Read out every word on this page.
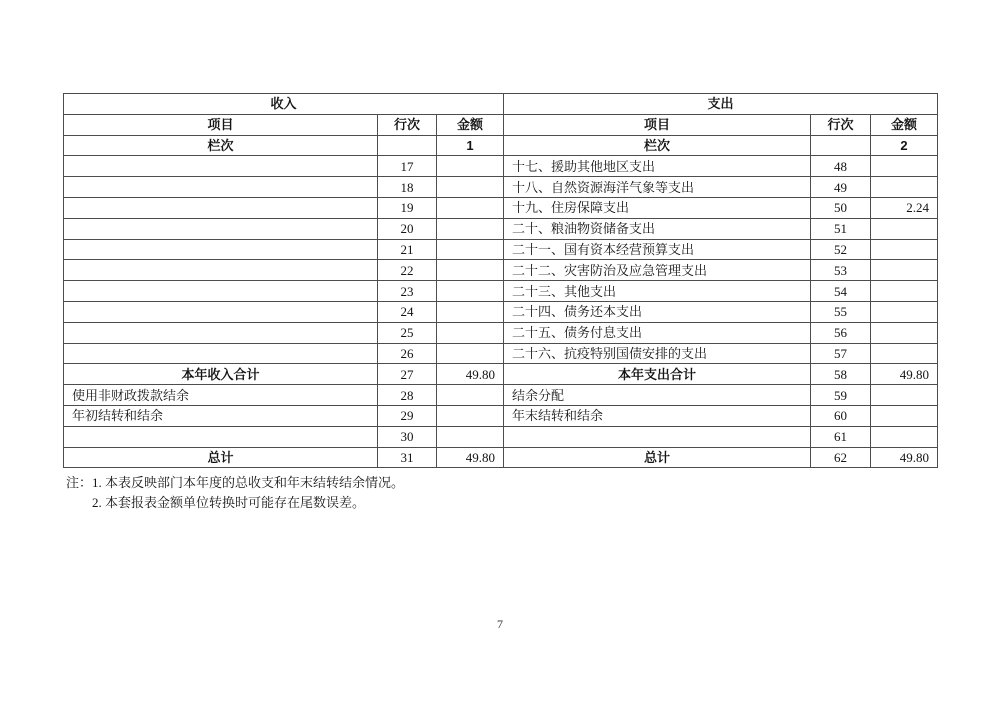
收入			支出		
项目	行次	金额	项目	行次	金额
栏次		1	栏次		2
	17		十七、援助其他地区支出	48	
	18		十八、自然资源海洋气象等支出	49	
	19		十九、住房保障支出	50	2.24
	20		二十、粮油物资储备支出	51	
	21		二十一、国有资本经营预算支出	52	
	22		二十二、灾害防治及应急管理支出	53	
	23		二十三、其他支出	54	
	24		二十四、债务还本支出	55	
	25		二十五、债务付息支出	56	
	26		二十六、抗疫特别国债安排的支出	57	
本年收入合计	27	49.80	本年支出合计	58	49.80
使用非财政拨款结余	28		结余分配	59	
年初结转和结余	29		年末结转和结余	60	
	30			61	
总计	31	49.80	总计	62	49.80
注：1. 本表反映部门本年度的总收支和年末结转结余情况。
2. 本套报表金额单位转换时可能存在尾数误差。
7
